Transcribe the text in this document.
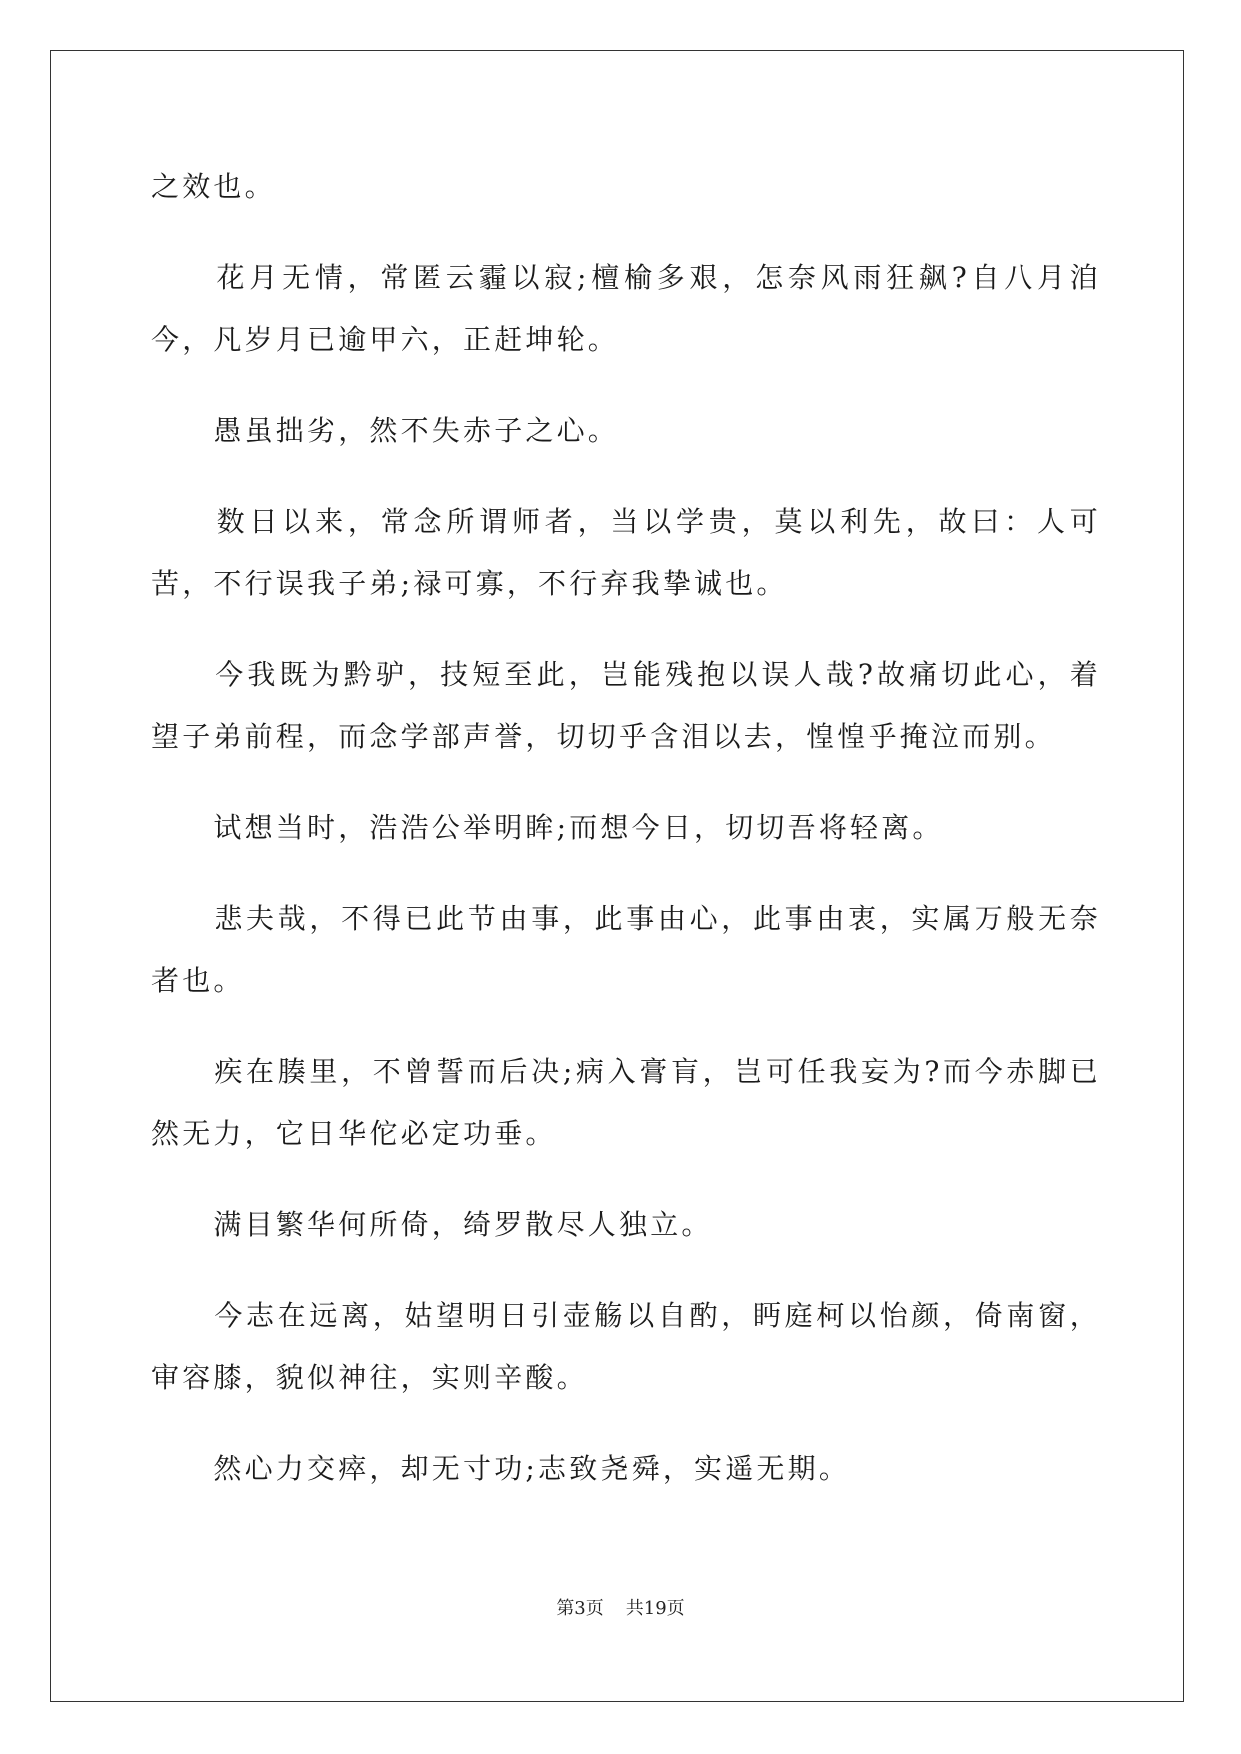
之效也。

　　花月无情，常匿云霾以寂;檀榆多艰，怎奈风雨狂飙?自八月洎今，凡岁月已逾甲六，正赶坤轮。

　　愚虽拙劣，然不失赤子之心。

　　数日以来，常念所谓师者，当以学贵，莫以利先，故曰：人可苦，不行误我子弟;禄可寡，不行弃我挚诚也。

　　今我既为黔驴，技短至此，岂能残抱以误人哉?故痛切此心，着望子弟前程，而念学部声誉，切切乎含泪以去，惶惶乎掩泣而别。

　　试想当时，浩浩公举明眸;而想今日，切切吾将轻离。

　　悲夫哉，不得已此节由事，此事由心，此事由衷，实属万般无奈者也。

　　疾在腠里，不曾誓而后决;病入膏肓，岂可任我妄为?而今赤脚已然无力，它日华佗必定功垂。

　　满目繁华何所倚，绮罗散尽人独立。

　　今志在远离，姑望明日引壶觞以自酌，眄庭柯以怡颜，倚南窗，审容膝，貌似神往，实则辛酸。

　　然心力交瘁，却无寸功;志致尧舜，实遥无期。

第3页 共19页
